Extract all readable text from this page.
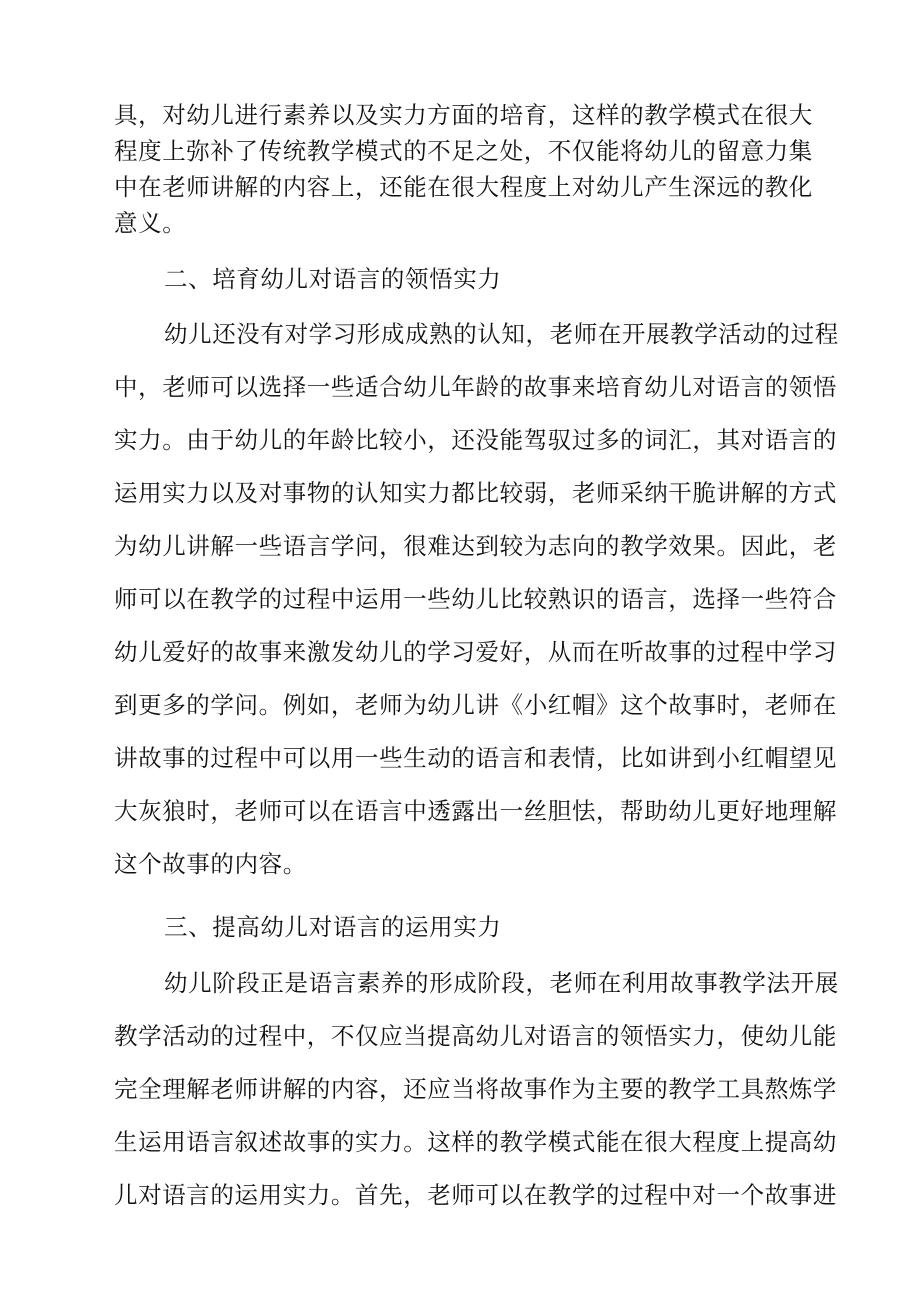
具，对幼儿进行素养以及实力方面的培育，这样的教学模式在很大
程度上弥补了传统教学模式的不足之处，不仅能将幼儿的留意力集
中在老师讲解的内容上，还能在很大程度上对幼儿产生深远的教化
意义。
二、培育幼儿对语言的领悟实力
幼儿还没有对学习形成成熟的认知，老师在开展教学活动的过程
中，老师可以选择一些适合幼儿年龄的故事来培育幼儿对语言的领悟
实力。由于幼儿的年龄比较小，还没能驾驭过多的词汇，其对语言的
运用实力以及对事物的认知实力都比较弱，老师采纳干脆讲解的方式
为幼儿讲解一些语言学问，很难达到较为志向的教学效果。因此，老
师可以在教学的过程中运用一些幼儿比较熟识的语言，选择一些符合
幼儿爱好的故事来激发幼儿的学习爱好，从而在听故事的过程中学习
到更多的学问。例如，老师为幼儿讲《小红帽》这个故事时，老师在
讲故事的过程中可以用一些生动的语言和表情，比如讲到小红帽望见
大灰狼时，老师可以在语言中透露出一丝胆怯，帮助幼儿更好地理解
这个故事的内容。
三、提高幼儿对语言的运用实力
幼儿阶段正是语言素养的形成阶段，老师在利用故事教学法开展
教学活动的过程中，不仅应当提高幼儿对语言的领悟实力，使幼儿能
完全理解老师讲解的内容，还应当将故事作为主要的教学工具熬炼学
生运用语言叙述故事的实力。这样的教学模式能在很大程度上提高幼
儿对语言的运用实力。首先，老师可以在教学的过程中对一个故事进
